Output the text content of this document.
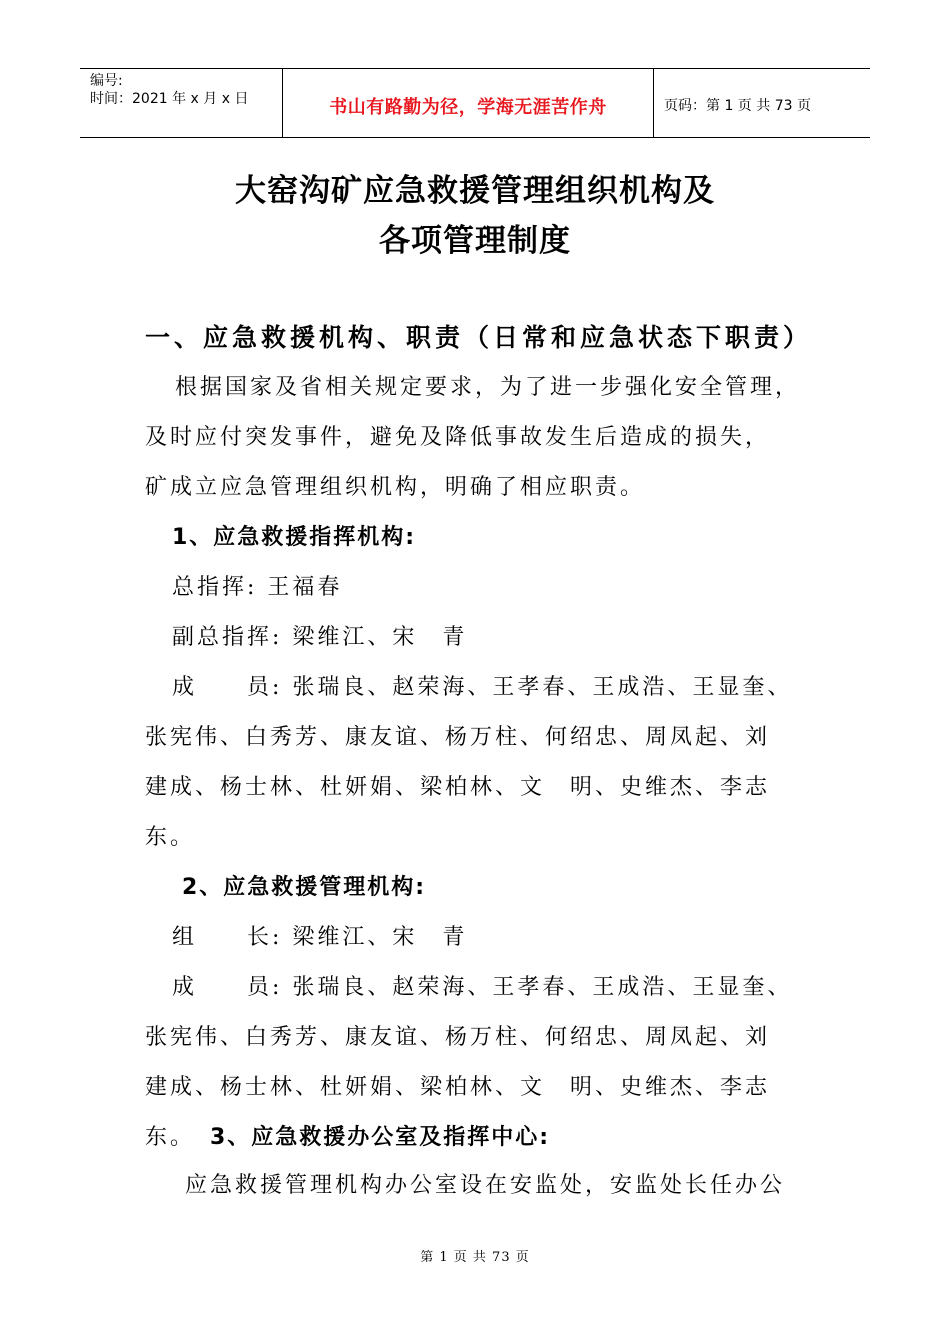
编号:
时间：2021 年 x 月 x 日	书山有路勤为径，学海无涯苦作舟	页码：第 1 页 共 73 页
大窑沟矿应急救援管理组织机构及
各项管理制度
一、应急救援机构、职责（日常和应急状态下职责）
根据国家及省相关规定要求，为了进一步强化安全管理，
及时应付突发事件，避免及降低事故发生后造成的损失，
矿成立应急管理组织机构，明确了相应职责。
1、应急救援指挥机构:
总指挥: 王福春
副总指挥: 梁维江、宋　青
成　　员: 张瑞良、赵荣海、王孝春、王成浩、王显奎、
张宪伟、白秀芳、康友谊、杨万柱、何绍忠、周凤起、刘
建成、杨士林、杜妍娟、梁柏林、文　明、史维杰、李志
东。
2、应急救援管理机构:
组　　长: 梁维江、宋　青
成　　员: 张瑞良、赵荣海、王孝春、王成浩、王显奎、
张宪伟、白秀芳、康友谊、杨万柱、何绍忠、周凤起、刘
建成、杨士林、杜妍娟、梁柏林、文　明、史维杰、李志
东。 3、应急救援办公室及指挥中心:
应急救援管理机构办公室设在安监处，安监处长任办公
第 1 页 共 73 页
